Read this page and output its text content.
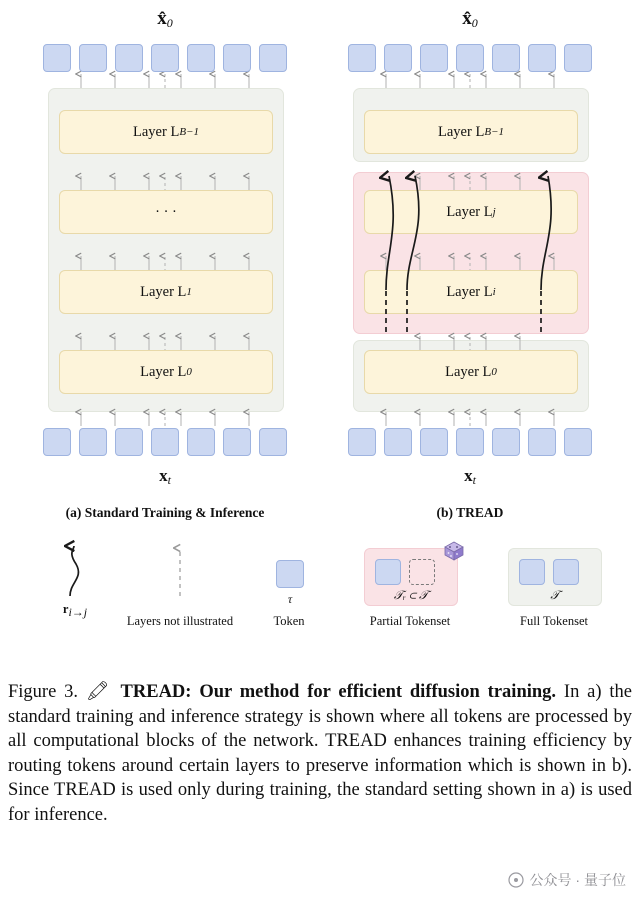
$x̂_0$
Layer L B−1
· · ·
Layer L 1
Layer L 0
$x_t$
(a) Standard Training & Inference
$x̂_0$
Layer L B−1
Layer L j
Layer L i
Layer L 0
$x_t$
(b) TREAD
ri→j
Layers not illustrated
τ
Token
𝒯ᵣ ⊂ 𝒯
Partial Tokenset
𝒯
Full Tokenset
Figure 3. 🖍 TREAD: Our method for efficient diffusion training. In a) the standard training and inference strategy is shown where all tokens are processed by all computational blocks of the network. TREAD enhances training efficiency by routing tokens around certain layers to preserve information which is shown in b). Since TREAD is used only during training, the standard setting shown in a) is used for inference.
公众号 · 量子位
